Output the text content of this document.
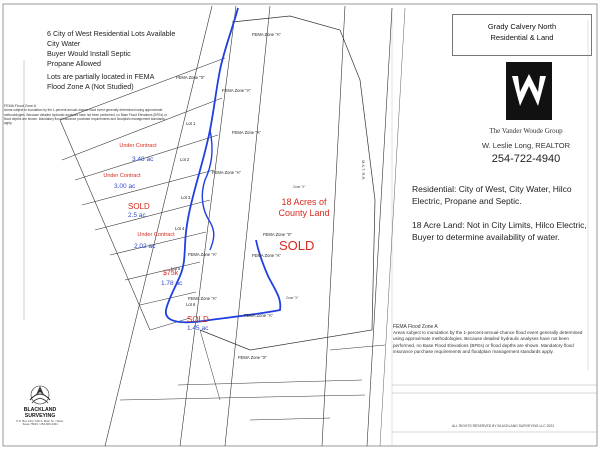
6 City of West Residential Lots Available
City Water
Buyer Would Install Septic
Propane Allowed
Lots are partially located in FEMA
Flood Zone A (Not Studied)
FEMA Flood Zone A
Areas subject to inundation by the 1-percent-annual-chance flood event generally determined using approximate methodologies. Because detailed hydraulic analyses have not been performed, no Base Flood Elevations (BFEs) or flood depths are shown. Mandatory flood insurance purchase requirements and floodplain management standards apply.
Grady Calvery North
Residential & Land
The Vander Woude Group
W. Leslie Long, REALTOR
254-722-4940
Residential: City of West, City Water, Hilco Electric, Propane and Septic.
18 Acre Land: Not in City Limits, Hilco Electric, Buyer to determine availability of water.
FEMA Flood Zone A
Areas subject to inundation by the 1-percent-annual-chance flood event generally determined using approximate methodologies. Because detailed hydraulic analyses have not been performed, no Base Flood Elevations (BFEs) or flood depths are shown. Mandatory flood insurance purchase requirements and floodplain management standards apply.
Under Contract
3.48 ac
Under Contract
3.00 ac
SOLD
2.5 ac
Under Contract
2.02 ac
$75k
1.78 ac
SOLD
1.45 ac
18 Acres of
County Land
SOLD
Lot 1
Lot 2
Lot 3
Lot 4
Lot 5
Lot 6
FEMA Zone "A"
FEMA Zone "X"
FEMA Zone "A"
FEMA Zone "A"
FEMA Zone "A"
FEMA Zone "A"
FEMA Zone "X"
FEMA Zone "A"
FEMA Zone "A"
FEMA Zone "A"
FEMA Zone "X"
Zone "X"
Zone "X"
M.K.T. R.R.
BLACKLAND
SURVEYING
P.O. Box 154 / 108 S. Main St. / West, Texas 76691 / 254-826-3334	ALL RIGHTS RESERVED BY BLACKLAND SURVEYING LLC 2022
